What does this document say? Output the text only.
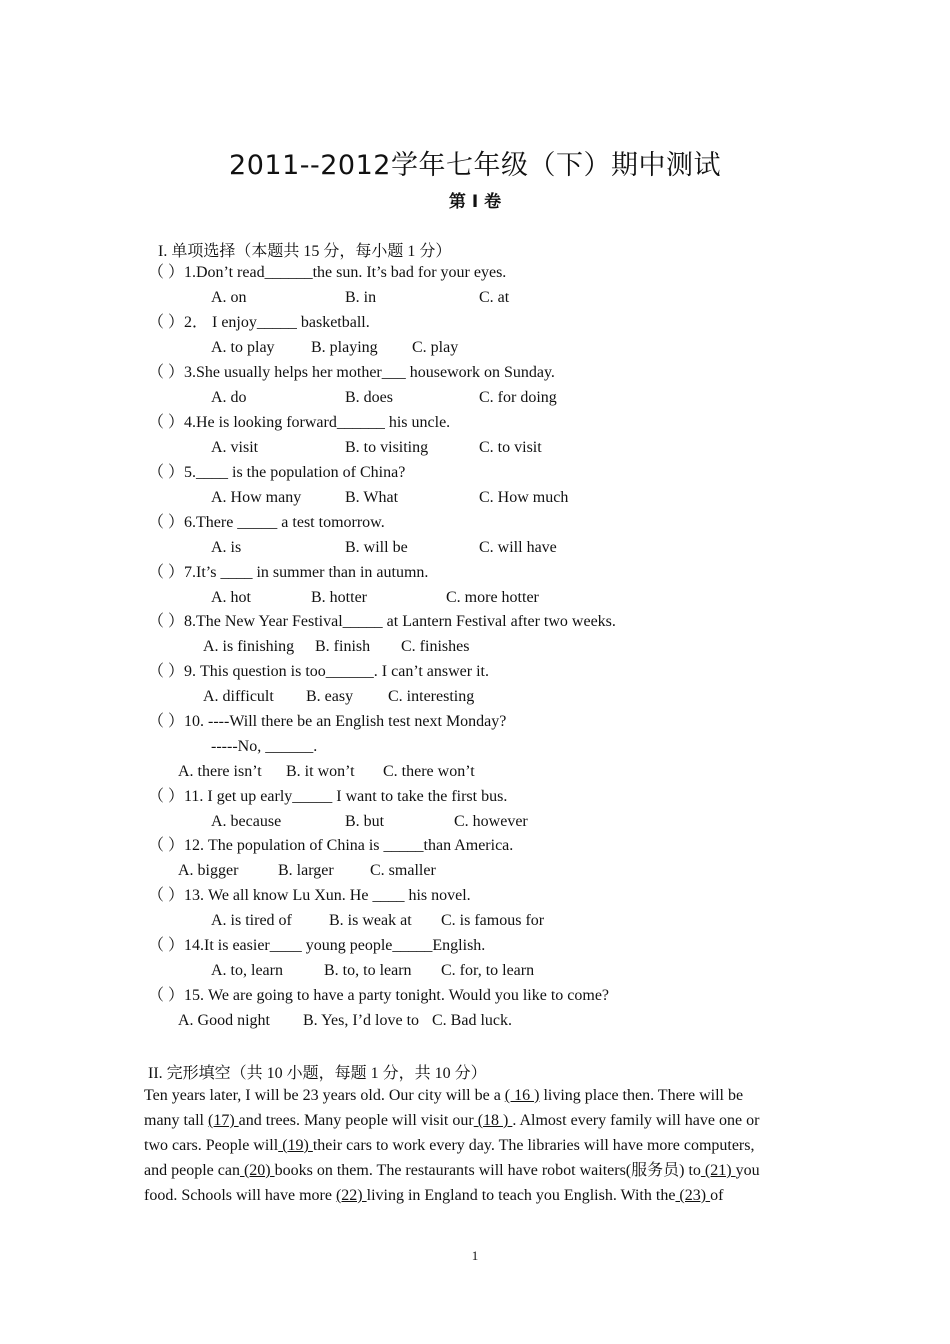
2011--2012学年七年级（下）期中测试
第 I 卷
I. 单项选择（本题共 15 分，每小题 1 分）
（ ）1.Don’t read______the sun. It’s bad for your eyes.
A. on	B. in	C. at
（ ）2． I enjoy_____ basketball.
A. to play B. playing C. play
（ ）3.She usually helps her mother___ housework on Sunday.
A. do	B. does	C. for doing
（ ）4.He is looking forward______ his uncle.
A. visit	B. to visiting	C. to visit
（ ）5.____ is the population of China?
A. How many	B. What	C. How much
（ ）6.There _____ a test tomorrow.
A. is	B. will be	C. will have
（ ）7.It’s ____ in summer than in autumn.
A. hot	B. hotter	C. more hotter
（ ）8.The New Year Festival_____ at Lantern Festival after two weeks.
A. is finishing B. finish C. finishes
（ ）9. This question is too______. I can’t answer it.
A. difficult B. easy C. interesting
（ ）10. ----Will there be an English test next Monday?
-----No, ______.
A. there isn’t B. it won’t C. there won’t
（ ）11. I get up early_____ I want to take the first bus.
A. because	B. but	C. however
（ ）12. The population of China is _____than America.
A. bigger B. larger C. smaller
（ ）13. We all know Lu Xun. He ____ his novel.
A. is tired of B. is weak at C. is famous for
（ ）14.It is easier____ young people_____English.
A. to, learn	B. to, to learn C. for, to learn
（ ）15. We are going to have a party tonight. Would you like to come?
A. Good night B. Yes, I’d love to C. Bad luck.
II. 完形填空（共 10 小题，每题 1 分，共 10 分）
Ten years later, I will be 23 years old. Our city will be a ( 16 ) living place then. There will be
many tall (17) and trees. Many people will visit our (18 ) . Almost every family will have one or
two cars. People will (19) their cars to work every day. The libraries will have more computers,
and people can (20) books on them. The restaurants will have robot waiters(服务员) to (21) you
food. Schools will have more (22) living in England to teach you English. With the (23) of
1
